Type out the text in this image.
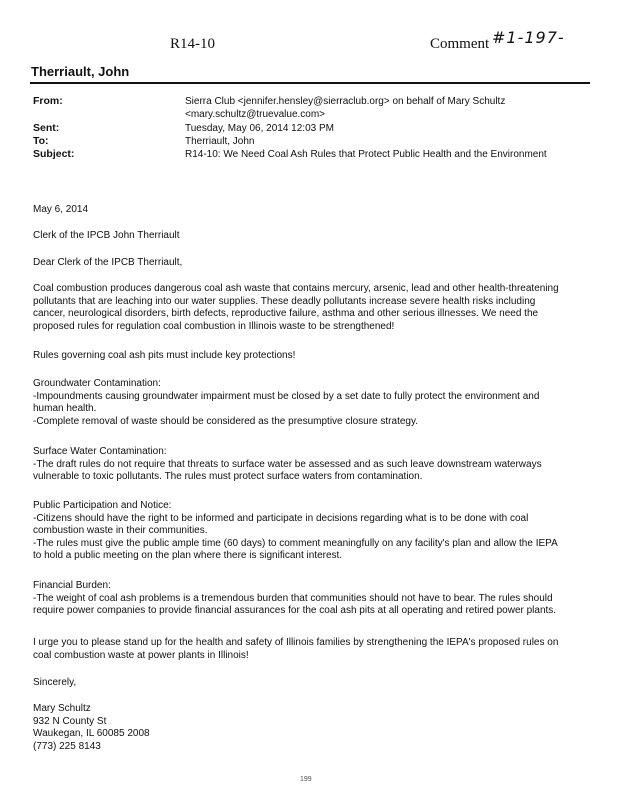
R14-10	Comment #1-197-
Therriault, John
From:	Sierra Club <jennifer.hensley@sierraclub.org> on behalf of Mary Schultz
<mary.schultz@truevalue.com>
Sent:	Tuesday, May 06, 2014 12:03 PM
To:	Therriault, John
Subject:	R14-10: We Need Coal Ash Rules that Protect Public Health and the Environment
May 6, 2014
Clerk of the IPCB John Therriault
Dear Clerk of the IPCB Therriault,
Coal combustion produces dangerous coal ash waste that contains mercury, arsenic, lead and other health-threatening
pollutants that are leaching into our water supplies. These deadly pollutants increase severe health risks including
cancer, neurological disorders, birth defects, reproductive failure, asthma and other serious illnesses. We need the
proposed rules for regulation coal combustion in Illinois waste to be strengthened!
Rules governing coal ash pits must include key protections!
Groundwater Contamination:
-Impoundments causing groundwater impairment must be closed by a set date to fully protect the environment and
human health.
-Complete removal of waste should be considered as the presumptive closure strategy.
Surface Water Contamination:
-The draft rules do not require that threats to surface water be assessed and as such leave downstream waterways
vulnerable to toxic pollutants. The rules must protect surface waters from contamination.
Public Participation and Notice:
-Citizens should have the right to be informed and participate in decisions regarding what is to be done with coal
combustion waste in their communities.
-The rules must give the public ample time (60 days) to comment meaningfully on any facility's plan and allow the IEPA
to hold a public meeting on the plan where there is significant interest.
Financial Burden:
-The weight of coal ash problems is a tremendous burden that communities should not have to bear. The rules should
require power companies to provide financial assurances for the coal ash pits at all operating and retired power plants.
I urge you to please stand up for the health and safety of Illinois families by strengthening the IEPA's proposed rules on
coal combustion waste at power plants in Illinois!
Sincerely,
Mary Schultz
932 N County St
Waukegan, IL 60085 2008
(773) 225 8143
199
